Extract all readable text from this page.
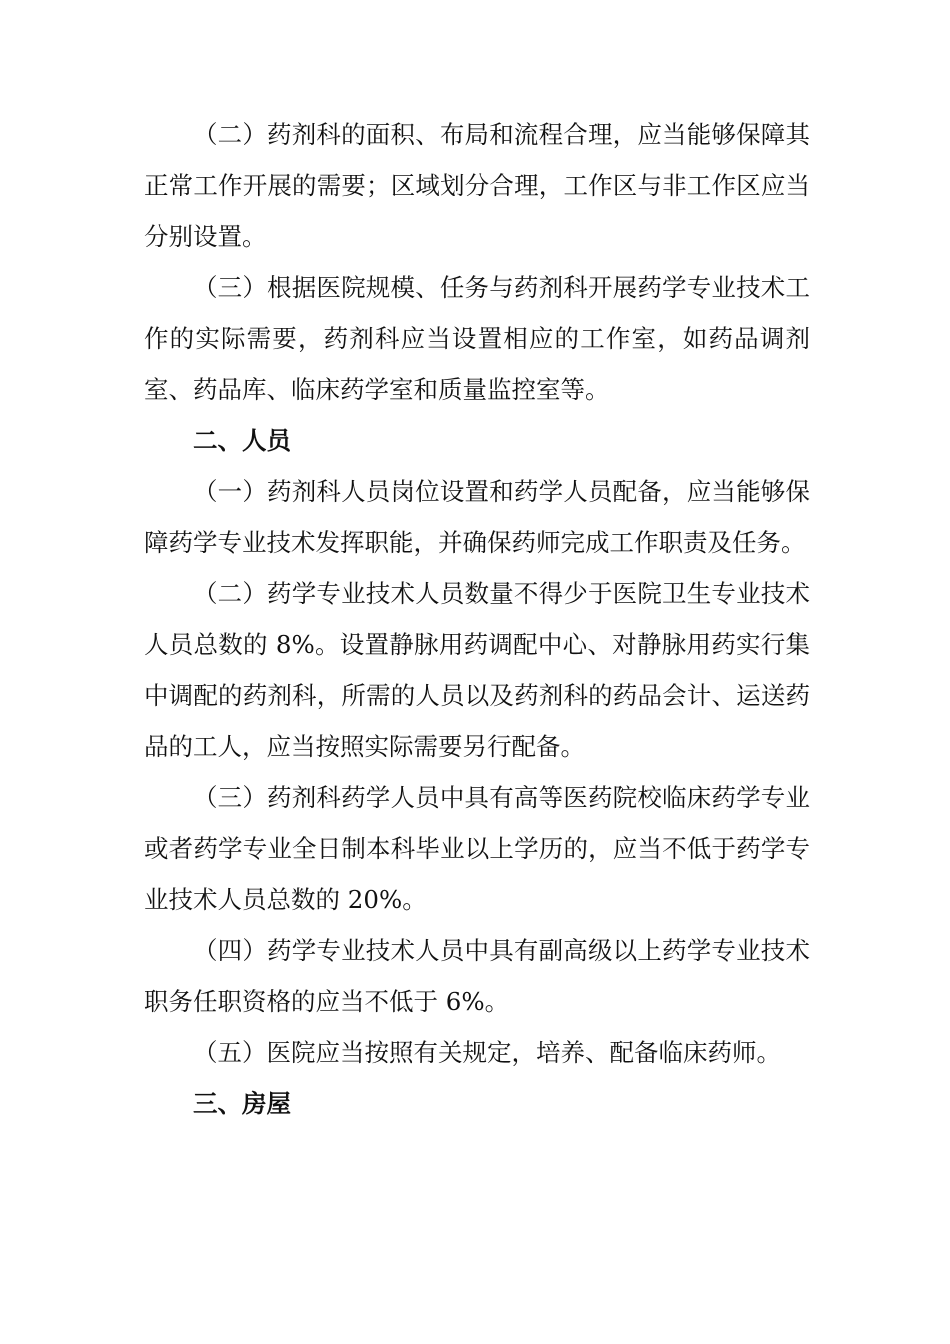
（二）药剂科的面积、布局和流程合理，应当能够保障其正常工作开展的需要；区域划分合理，工作区与非工作区应当分别设置。

（三）根据医院规模、任务与药剂科开展药学专业技术工作的实际需要，药剂科应当设置相应的工作室，如药品调剂室、药品库、临床药学室和质量监控室等。

二、人员

（一）药剂科人员岗位设置和药学人员配备，应当能够保障药学专业技术发挥职能，并确保药师完成工作职责及任务。

（二）药学专业技术人员数量不得少于医院卫生专业技术人员总数的 8%。设置静脉用药调配中心、对静脉用药实行集中调配的药剂科，所需的人员以及药剂科的药品会计、运送药品的工人，应当按照实际需要另行配备。

（三）药剂科药学人员中具有高等医药院校临床药学专业或者药学专业全日制本科毕业以上学历的，应当不低于药学专业技术人员总数的 20%。

（四）药学专业技术人员中具有副高级以上药学专业技术职务任职资格的应当不低于 6%。

（五）医院应当按照有关规定，培养、配备临床药师。

三、房屋
